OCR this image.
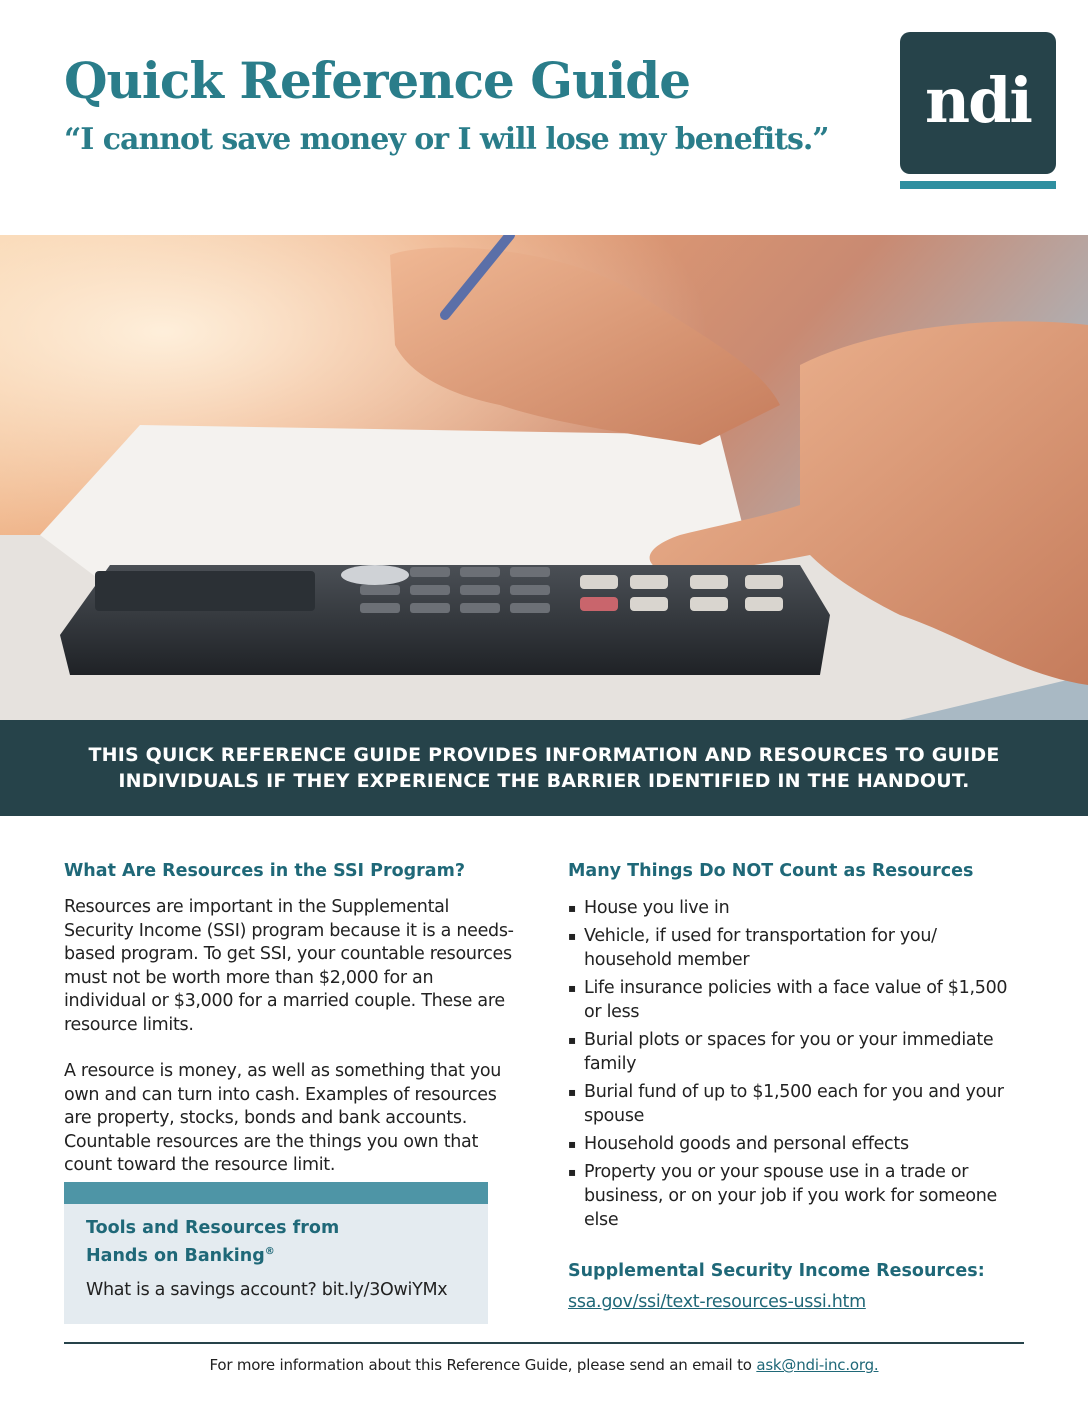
Quick Reference Guide

“I cannot save money or I will lose my benefits.”

ndi

THIS QUICK REFERENCE GUIDE PROVIDES INFORMATION AND RESOURCES TO GUIDE
INDIVIDUALS IF THEY EXPERIENCE THE BARRIER IDENTIFIED IN THE HANDOUT.

What Are Resources in the SSI Program?

Resources are important in the Supplemental Security Income (SSI) program because it is a needs-based program. To get SSI, your countable resources must not be worth more than $2,000 for an individual or $3,000 for a married couple. These are resource limits.

A resource is money, as well as something that you own and can turn into cash. Examples of resources are property, stocks, bonds and bank accounts. Countable resources are the things you own that count toward the resource limit.

Tools and Resources from
Hands on Banking®
What is a savings account? bit.ly/3OwiYMx
Many Things Do NOT Count as Resources
▪ House you live in
▪ Vehicle, if used for transportation for you/ household member
▪ Life insurance policies with a face value of $1,500 or less
▪ Burial plots or spaces for you or your immediate family
▪ Burial fund of up to $1,500 each for you and your spouse
▪ Household goods and personal effects
▪ Property you or your spouse use in a trade or business, or on your job if you work for someone else
Supplemental Security Income Resources:
ssa.gov/ssi/text-resources-ussi.htm
For more information about this Reference Guide, please send an email to ask@ndi-inc.org.
